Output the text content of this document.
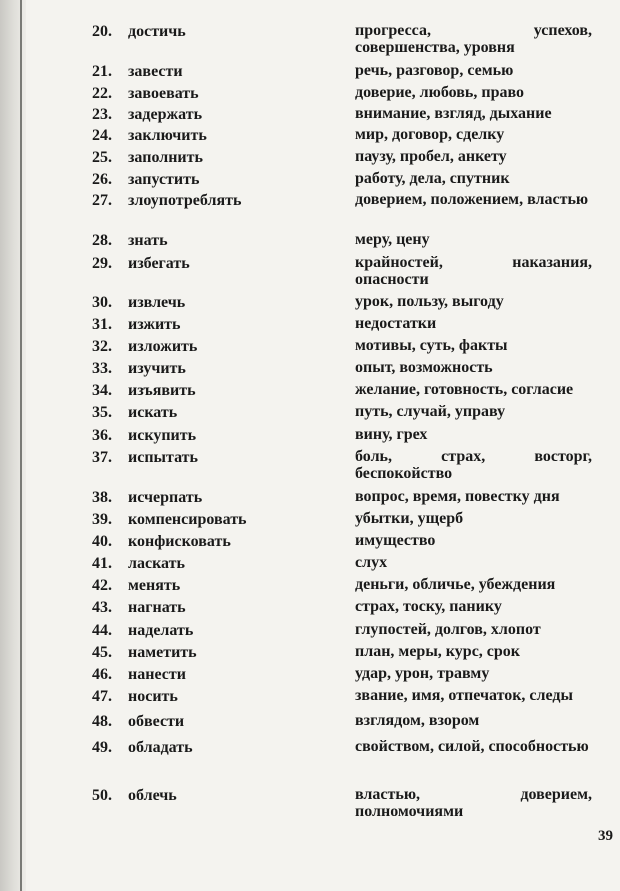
20.	достичь	прогресса, успехов, совершенства, уровня
21.	завести	речь, разговор, семью
22.	завоевать	доверие, любовь, право
23.	задержать	внимание, взгляд, дыхание
24.	заключить	мир, договор, сделку
25.	заполнить	паузу, пробел, анкету
26.	запустить	работу, дела, спутник
27.	злоупотреблять	доверием, положением, властью
28.	знать	меру, цену
29.	избегать	крайностей, наказания, опасности
30.	извлечь	урок, пользу, выгоду
31.	изжить	недостатки
32.	изложить	мотивы, суть, факты
33.	изучить	опыт, возможность
34.	изъявить	желание, готовность, согласие
35.	искать	путь, случай, управу
36.	искупить	вину, грех
37.	испытать	боль, страх, восторг, беспокойство
38.	исчерпать	вопрос, время, повестку дня
39.	компенсировать	убытки, ущерб
40.	конфисковать	имущество
41.	ласкать	слух
42.	менять	деньги, обличье, убеждения
43.	нагнать	страх, тоску, панику
44.	наделать	глупостей, долгов, хлопот
45.	наметить	план, меры, курс, срок
46.	нанести	удар, урон, травму
47.	носить	звание, имя, отпечаток, следы
48.	обвести	взглядом, взором
49.	обладать	свойством, силой, способностью
50.	облечь	властью, доверием, полномочиями
39
